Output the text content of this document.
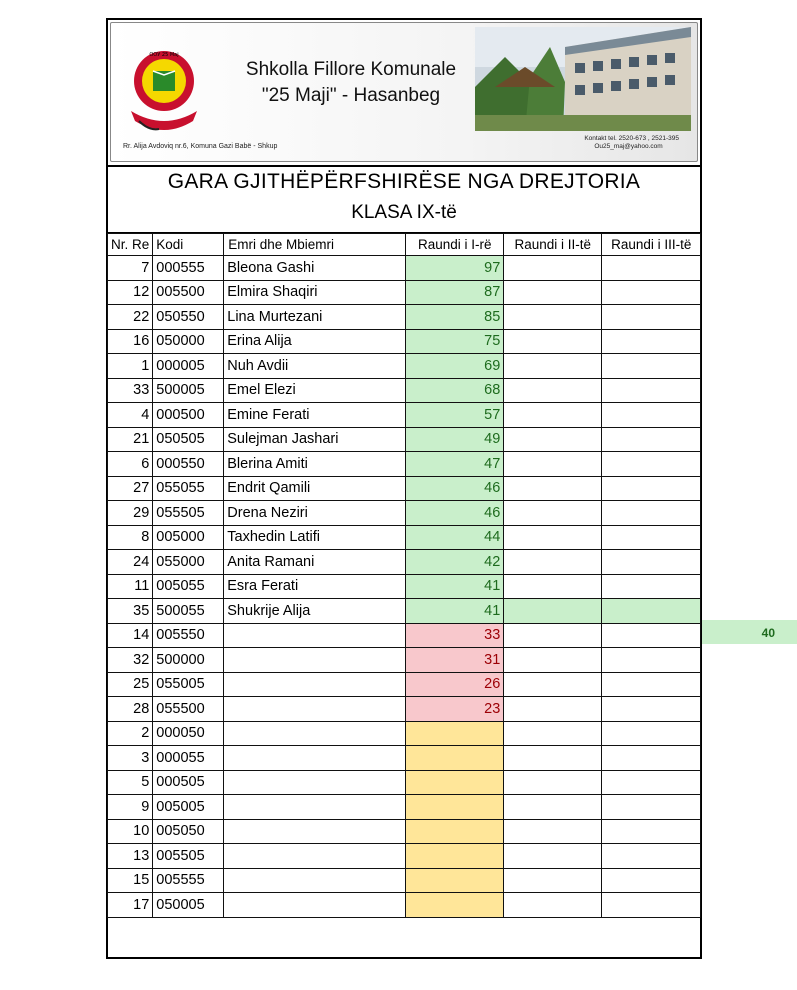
ООУ 25 Мај
Shkolla Fillore Komunale
"25 Maji" - Hasanbeg
Rr. Alija Avdoviq nr.6, Komuna Gazi Babë - Shkup
Kontakt tel. 2520-673 , 2521-395
Ou25_maj@yahoo.com
GARA GJITHËPËRFSHIRËSE NGA DREJTORIA
KLASA IX-të
Nr. Re	Kodi	Emri dhe Mbiemri	Raundi i I-rë	Raundi i II-të	Raundi i III-të
7	000555	Bleona Gashi	97		
12	005500	Elmira Shaqiri	87		
22	050550	Lina Murtezani	85		
16	050000	Erina Alija	75		
1	000005	Nuh Avdii	69		
33	500005	Emel Elezi	68		
4	000500	Emine Ferati	57		
21	050505	Sulejman Jashari	49		
6	000550	Blerina Amiti	47		
27	055055	Endrit Qamili	46		
29	055505	Drena Neziri	46		
8	005000	Taxhedin Latifi	44		
24	055000	Anita Ramani	42		
11	005055	Esra Ferati	41		
35	500055	Shukrije Alija	41		
14	005550		33		
32	500000		31		
25	055005		26		
28	055500		23		
2	000050				
3	000055				
5	000505				
9	005005				
10	005050				
13	005505				
15	005555				
17	050005				
40
